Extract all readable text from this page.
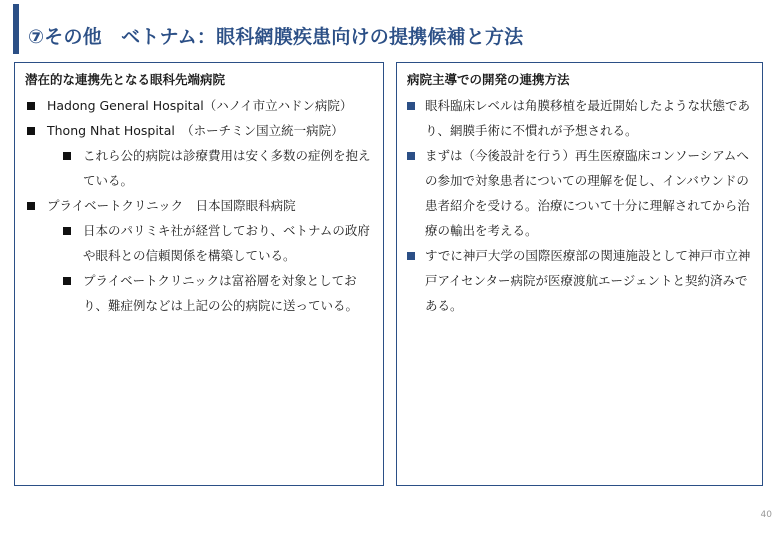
⑦その他　ベトナム：眼科網膜疾患向けの提携候補と方法
潜在的な連携先となる眼科先端病院
Hadong General Hospital（ハノイ市立ハドン病院）
Thong Nhat Hospital　（ホーチミン国立統一病院）
これら公的病院は診療費用は安く多数の症例を抱えている。
プライベートクリニック　日本国際眼科病院
日本のパリミキ社が経営しており、ベトナムの政府や眼科との信頼関係を構築している。
プライベートクリニックは富裕層を対象としており、難症例などは上記の公的病院に送っている。
病院主導での開発の連携方法
眼科臨床レベルは角膜移植を最近開始したような状態であり、網膜手術に不慣れが予想される。
まずは（今後設計を行う）再生医療臨床コンソーシアムへの参加で対象患者についての理解を促し、インバウンドの患者紹介を受ける。治療について十分に理解されてから治療の輸出を考える。
すでに神戸大学の国際医療部の関連施設として神戸市立神戸アイセンター病院が医療渡航エージェントと契約済みである。
40
